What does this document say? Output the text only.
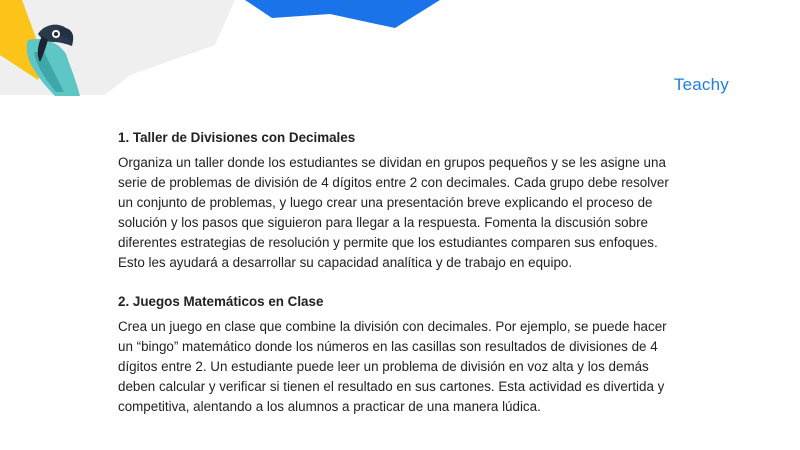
Teachy
1. Taller de Divisiones con Decimales
Organiza un taller donde los estudiantes se dividan en grupos pequeños y se les asigne una serie de problemas de división de 4 dígitos entre 2 con decimales. Cada grupo debe resolver un conjunto de problemas, y luego crear una presentación breve explicando el proceso de solución y los pasos que siguieron para llegar a la respuesta. Fomenta la discusión sobre diferentes estrategias de resolución y permite que los estudiantes comparen sus enfoques. Esto les ayudará a desarrollar su capacidad analítica y de trabajo en equipo.
2. Juegos Matemáticos en Clase
Crea un juego en clase que combine la división con decimales. Por ejemplo, se puede hacer un “bingo” matemático donde los números en las casillas son resultados de divisiones de 4 dígitos entre 2. Un estudiante puede leer un problema de división en voz alta y los demás deben calcular y verificar si tienen el resultado en sus cartones. Esta actividad es divertida y competitiva, alentando a los alumnos a practicar de una manera lúdica.
